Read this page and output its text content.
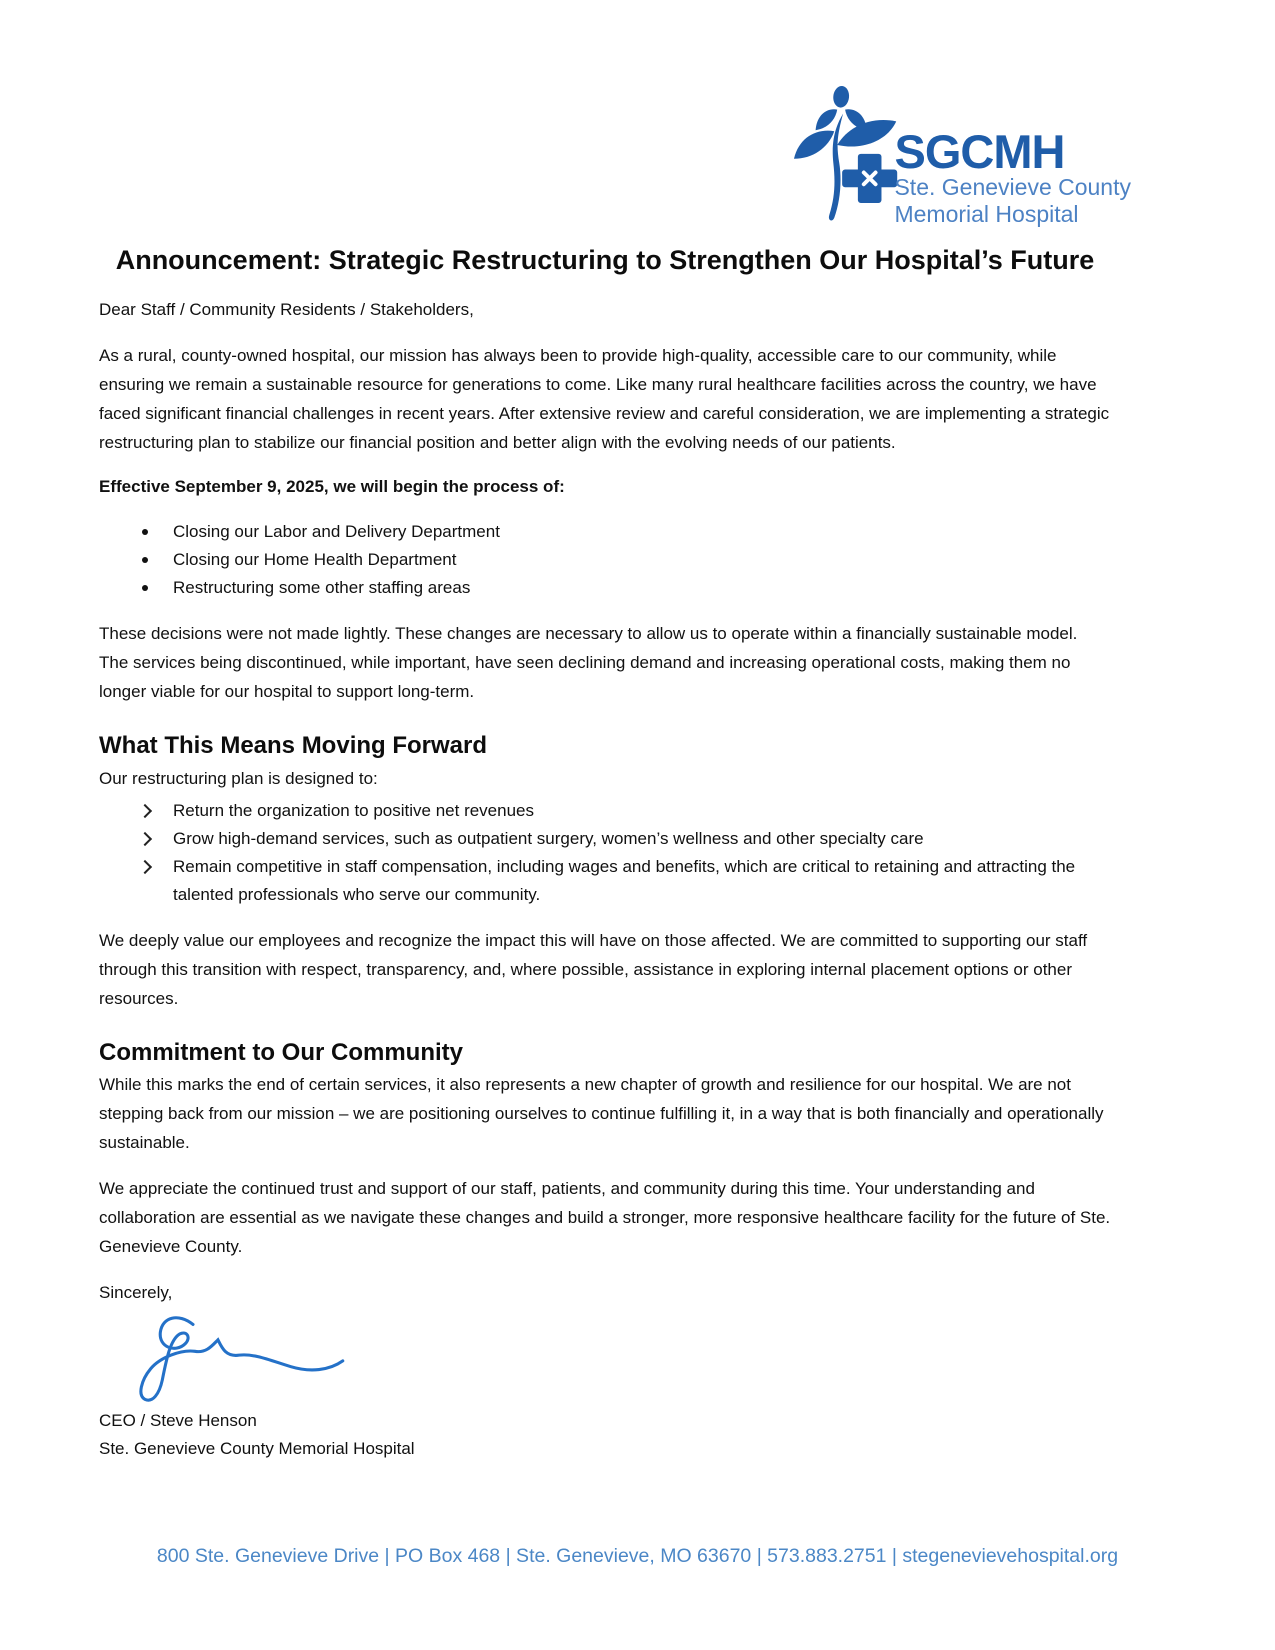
SGCMH
Ste. Genevieve County
Memorial Hospital
Announcement: Strategic Restructuring to Strengthen Our Hospital’s Future

Dear Staff / Community Residents / Stakeholders,

As a rural, county-owned hospital, our mission has always been to provide high-quality, accessible care to our community, while ensuring we remain a sustainable resource for generations to come. Like many rural healthcare facilities across the country, we have faced significant financial challenges in recent years. After extensive review and careful consideration, we are implementing a strategic restructuring plan to stabilize our financial position and better align with the evolving needs of our patients.

Effective September 9, 2025, we will begin the process of:

Closing our Labor and Delivery Department
Closing our Home Health Department
Restructuring some other staffing areas

These decisions were not made lightly. These changes are necessary to allow us to operate within a financially sustainable model. The services being discontinued, while important, have seen declining demand and increasing operational costs, making them no longer viable for our hospital to support long-term.

What This Means Moving Forward

Our restructuring plan is designed to:

Return the organization to positive net revenues
Grow high-demand services, such as outpatient surgery, women’s wellness and other specialty care
Remain competitive in staff compensation, including wages and benefits, which are critical to retaining and attracting the talented professionals who serve our community.

We deeply value our employees and recognize the impact this will have on those affected. We are committed to supporting our staff through this transition with respect, transparency, and, where possible, assistance in exploring internal placement options or other resources.

Commitment to Our Community

While this marks the end of certain services, it also represents a new chapter of growth and resilience for our hospital. We are not stepping back from our mission – we are positioning ourselves to continue fulfilling it, in a way that is both financially and operationally sustainable.

We appreciate the continued trust and support of our staff, patients, and community during this time. Your understanding and collaboration are essential as we navigate these changes and build a stronger, more responsive healthcare facility for the future of Ste. Genevieve County.

Sincerely,

CEO / Steve Henson
Ste. Genevieve County Memorial Hospital
800 Ste. Genevieve Drive | PO Box 468 | Ste. Genevieve, MO 63670 | 573.883.2751 | stegenevievehospital.org
